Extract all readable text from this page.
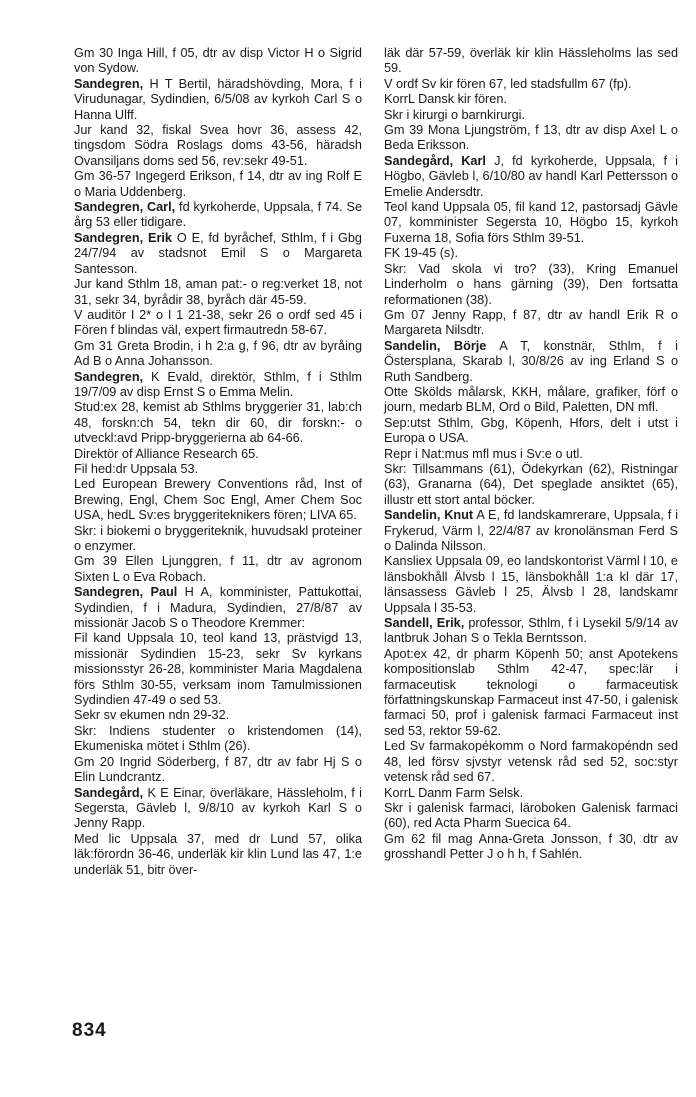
Gm 30 Inga Hill, f 05, dtr av disp Victor H o Sigrid von Sydow.

Sandegren, H T Bertil, häradshövding, Mora, f i Virudunagar, Sydindien, 6/5/08 av kyrkoh Carl S o Hanna Ulff.

Jur kand 32, fiskal Svea hovr 36, assess 42, tingsdom Södra Roslags doms 43-56, häradsh Ovansiljans doms sed 56, rev:sekr 49-51.

Gm 36-57 Ingegerd Erikson, f 14, dtr av ing Rolf E o Maria Uddenberg.

Sandegren, Carl, fd kyrkoherde, Uppsala, f 74. Se årg 53 eller tidigare.

Sandegren, Erik O E, fd byråchef, Sthlm, f i Gbg 24/7/94 av stadsnot Emil S o Margareta Santesson.

Jur kand Sthlm 18, aman pat:- o reg:verket 18, not 31, sekr 34, byrådir 38, byråch där 45-59.

V auditör I 2* o I 1 21-38, sekr 26 o ordf sed 45 i Fören f blindas väl, expert firmautredn 58-67.

Gm 31 Greta Brodin, i h 2:a g, f 96, dtr av byråing Ad B o Anna Johansson.

Sandegren, K Evald, direktör, Sthlm, f i Sthlm 19/7/09 av disp Ernst S o Emma Melin.

Stud:ex 28, kemist ab Sthlms bryggerier 31, lab:ch 48, forskn:ch 54, tekn dir 60, dir forskn:- o utveckl:avd Pripp-bryggerierna ab 64-66.

Direktör of Alliance Research 65.

Fil hed:dr Uppsala 53.

Led European Brewery Conventions råd, Inst of Brewing, Engl, Chem Soc Engl, Amer Chem Soc USA, hedL Sv:es bryggeriteknikers fören; LIVA 65.

Skr: i biokemi o bryggeriteknik, huvudsakl proteiner o enzymer.

Gm 39 Ellen Ljunggren, f 11, dtr av agronom Sixten L o Eva Robach.

Sandegren, Paul H A, komminister, Pattukottai, Sydindien, f i Madura, Sydindien, 27/8/87 av missionär Jacob S o Theodore Kremmer:

Fil kand Uppsala 10, teol kand 13, prästvigd 13, missionär Sydindien 15-23, sekr Sv kyrkans missionsstyr 26-28, komminister Maria Magdalena förs Sthlm 30-55, verksam inom Tamulmissionen Sydindien 47-49 o sed 53.

Sekr sv ekumen ndn 29-32.

Skr: Indiens studenter o kristendomen (14), Ekumeniska mötet i Sthlm (26).

Gm 20 Ingrid Söderberg, f 87, dtr av fabr Hj S o Elin Lundcrantz.

Sandegård, K E Einar, överläkare, Hässleholm, f i Segersta, Gävleb l, 9/8/10 av kyrkoh Karl S o Jenny Rapp.

Med lic Uppsala 37, med dr Lund 57, olika läk:förordn 36-46, underläk kir klin Lund las 47, 1:e underläk 51, bitr över-

läk där 57-59, överläk kir klin Hässleholms las sed 59.

V ordf Sv kir fören 67, led stadsfullm 67 (fp).

KorrL Dansk kir fören.

Skr i kirurgi o barnkirurgi.

Gm 39 Mona Ljungström, f 13, dtr av disp Axel L o Beda Eriksson.

Sandegård, Karl J, fd kyrkoherde, Uppsala, f i Högbo, Gävleb l, 6/10/80 av handl Karl Pettersson o Emelie Andersdtr.

Teol kand Uppsala 05, fil kand 12, pastorsadj Gävle 07, komminister Segersta 10, Högbo 15, kyrkoh Fuxerna 18, Sofia förs Sthlm 39-51.

FK 19-45 (s).

Skr: Vad skola vi tro? (33), Kring Emanuel Linderholm o hans gärning (39), Den fortsatta reformationen (38).

Gm 07 Jenny Rapp, f 87, dtr av handl Erik R o Margareta Nilsdtr.

Sandelin, Börje A T, konstnär, Sthlm, f i Östersplana, Skarab l, 30/8/26 av ing Erland S o Ruth Sandberg.

Otte Skölds målarsk, KKH, målare, grafiker, förf o journ, medarb BLM, Ord o Bild, Paletten, DN mfl.

Sep:utst Sthlm, Gbg, Köpenh, Hfors, delt i utst i Europa o USA.

Repr i Nat:mus mfl mus i Sv:e o utl.

Skr: Tillsammans (61), Ödekyrkan (62), Ristningar (63), Granarna (64), Det speglade ansiktet (65), illustr ett stort antal böcker.

Sandelin, Knut A E, fd landskamrerare, Uppsala, f i Frykerud, Värm l, 22/4/87 av kronolänsman Ferd S o Dalinda Nilsson.

Kansliex Uppsala 09, eo landskontorist Värml l 10, e länsbokhåll Älvsb l 15, länsbokhåll 1:a kl där 17, länsassess Gävleb l 25, Älvsb l 28, landskamr Uppsala l 35-53.

Sandell, Erik, professor, Sthlm, f i Lysekil 5/9/14 av lantbruk Johan S o Tekla Berntsson.

Apot:ex 42, dr pharm Köpenh 50; anst Apotekens kompositionslab Sthlm 42-47, spec:lär i farmaceutisk teknologi o farmaceutisk författningskunskap Farmaceut inst 47-50, i galenisk farmaci 50, prof i galenisk farmaci Farmaceut inst sed 53, rektor 59-62.

Led Sv farmakopékomm o Nord farmakopéndn sed 48, led försv sjvstyr vetensk råd sed 52, soc:styr vetensk råd sed 67.

KorrL Danm Farm Selsk.

Skr i galenisk farmaci, läroboken Galenisk farmaci (60), red Acta Pharm Suecica 64.

Gm 62 fil mag Anna-Greta Jonsson, f 30, dtr av grosshandl Petter J o h h, f Sahlén.

834
